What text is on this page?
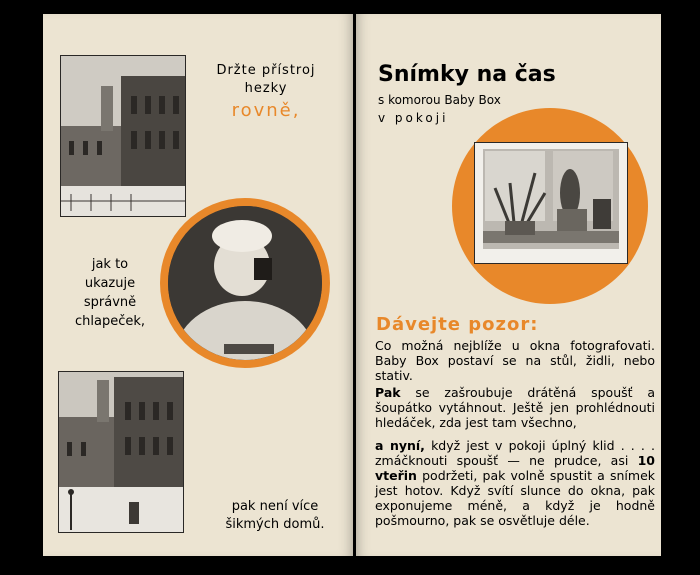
Držte přístroj
hezky
rovně,
jak to
ukazuje
správně
chlapeček,
pak není více
šikmých domů.
Snímky na čas
s komorou Baby Box
v pokoji
Dávejte pozor:
Co možná nejblíže u okna fotografovati. Baby Box postaví se na stůl, židli, nebo stativ.
Pak se zašroubuje drátěná spoušť a šoupátko vytáhnout. Ještě jen prohlédnouti hledáček, zda jest tam všechno,
a nyní, když jest v pokoji úplný klid . . . . zmáčknouti spoušť — ne prudce, asi 10 vteřin podržeti, pak volně spustit a snímek jest hotov. Když svítí slunce do okna, pak exponujeme méně, a když je hodně pošmourno, pak se osvětluje déle.
